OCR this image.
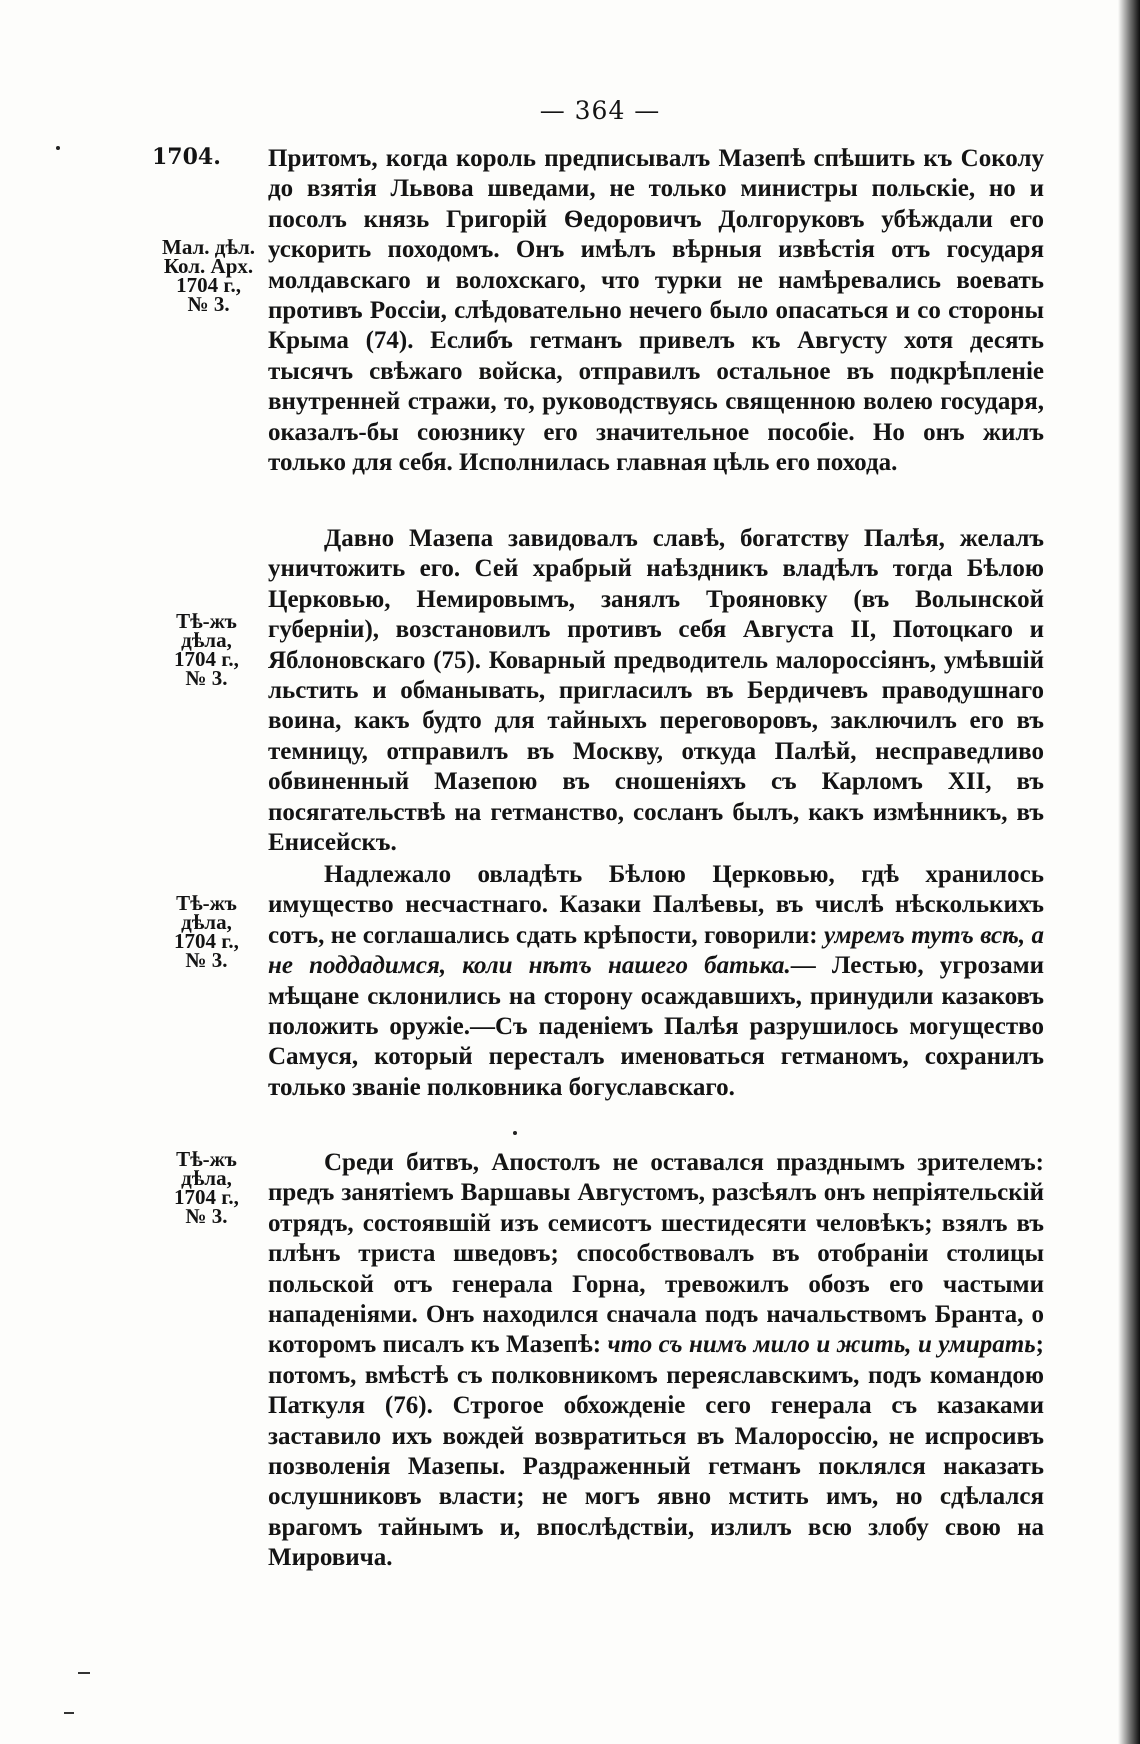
— 364 —
1704.
Мал. дѣл.
Кол. Арх.
1704 г.,
№ 3.
Тѣ-жъ
дѣла,
1704 г.,
№ 3.
Тѣ-жъ
дѣла,
1704 г.,
№ 3.
Тѣ-жъ
дѣла,
1704 г.,
№ 3.

Притомъ, когда король предписывалъ Мазепѣ спѣшить къ Соколу до взятія Львова шведами, не только министры польскіе, но и посолъ князь Григорій Ѳедоровичъ Долгоруковъ убѣждали его ускорить походомъ. Онъ имѣлъ вѣрныя извѣстія отъ государя молдавскаго и волохскаго, что турки не намѣревались воевать противъ Россіи, слѣдовательно нечего было опасаться и со стороны Крыма (74). Еслибъ гетманъ привелъ къ Августу хотя десять тысячъ свѣжаго войска, отправилъ остальное въ подкрѣпленіе внутренней стражи, то, руководствуясь священною волею государя, оказалъ-бы союзнику его значительное пособіе. Но онъ жилъ только для себя. Исполнилась главная цѣль его похода.

Давно Мазепа завидовалъ славѣ, богатству Палѣя, желалъ уничтожить его. Сей храбрый наѣздникъ владѣлъ тогда Бѣлою Церковью, Немировымъ, занялъ Трояновку (въ Волынской губерніи), возстановилъ противъ себя Августа II, Потоцкаго и Яблоновскаго (75). Коварный предводитель малороссіянъ, умѣвшій льстить и обманывать, пригласилъ въ Бердичевъ праводушнаго воина, какъ будто для тайныхъ переговоровъ, заключилъ его въ темницу, отправилъ въ Москву, откуда Палѣй, несправедливо обвиненный Мазепою въ сношеніяхъ съ Карломъ XII, въ посягательствѣ на гетманство, сосланъ былъ, какъ измѣнникъ, въ Енисейскъ.

Надлежало овладѣть Бѣлою Церковью, гдѣ хранилось имущество несчастнаго. Казаки Палѣевы, въ числѣ нѣсколькихъ сотъ, не соглашались сдать крѣпости, говорили: умремъ тутъ всѣ, а не поддадимся, коли нѣтъ нашего батька.— Лестью, угрозами мѣщане склонились на сторону осаждавшихъ, принудили казаковъ положить оружіе.—Съ паденіемъ Палѣя разрушилось могущество Самуся, который пересталъ именоваться гетманомъ, сохранилъ только званіе полковника богуславскаго.

Среди битвъ, Апостолъ не оставался празднымъ зрителемъ: предъ занятіемъ Варшавы Августомъ, разсѣялъ онъ непріятельскій отрядъ, состоявшій изъ семисотъ шестидесяти человѣкъ; взялъ въ плѣнъ триста шведовъ; способствовалъ въ отобраніи столицы польской отъ генерала Горна, тревожилъ обозъ его частыми нападеніями. Онъ находился сначала подъ начальствомъ Бранта, о которомъ писалъ къ Мазепѣ: что съ нимъ мило и жить, и умирать; потомъ, вмѣстѣ съ полковникомъ переяславскимъ, подъ командою Паткуля (76). Строгое обхожденіе сего генерала съ казаками заставило ихъ вождей возвратиться въ Малороссію, не испросивъ позволенія Мазепы. Раздраженный гетманъ поклялся наказать ослушниковъ власти; не могъ явно мстить имъ, но сдѣлался врагомъ тайнымъ и, впослѣдствіи, излилъ всю злобу свою на Мировича.
